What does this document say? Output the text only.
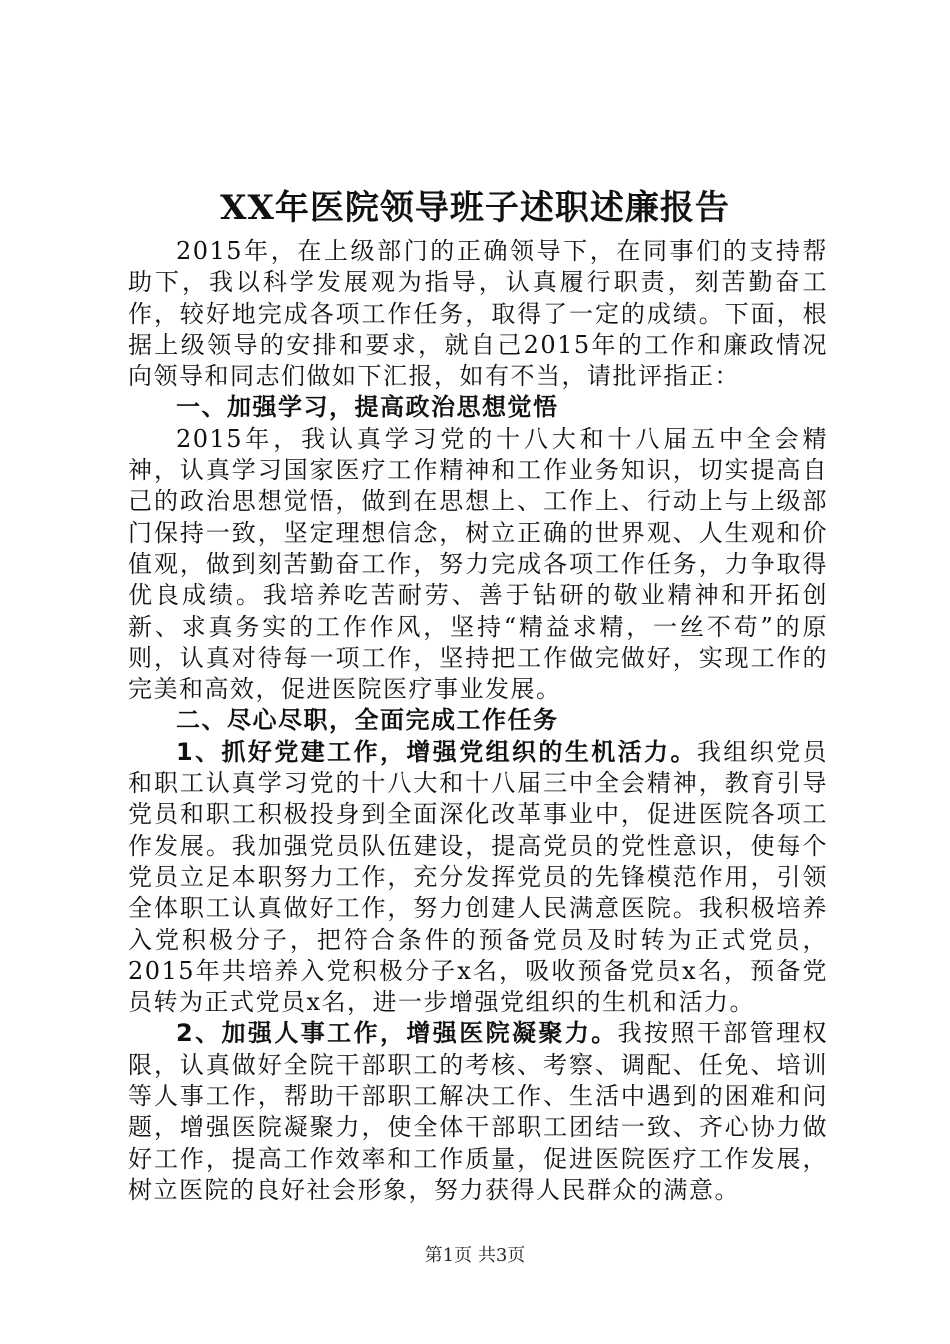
XX年医院领导班子述职述廉报告

2015年，在上级部门的正确领导下，在同事们的支持帮助下，我以科学发展观为指导，认真履行职责，刻苦勤奋工作，较好地完成各项工作任务，取得了一定的成绩。下面，根据上级领导的安排和要求，就自己2015年的工作和廉政情况向领导和同志们做如下汇报，如有不当，请批评指正：

一、加强学习，提高政治思想觉悟

2015年，我认真学习党的十八大和十八届五中全会精神，认真学习国家医疗工作精神和工作业务知识，切实提高自己的政治思想觉悟，做到在思想上、工作上、行动上与上级部门保持一致，坚定理想信念，树立正确的世界观、人生观和价值观，做到刻苦勤奋工作，努力完成各项工作任务，力争取得优良成绩。我培养吃苦耐劳、善于钻研的敬业精神和开拓创新、求真务实的工作作风，坚持“精益求精，一丝不苟”的原则，认真对待每一项工作，坚持把工作做完做好，实现工作的完美和高效，促进医院医疗事业发展。

二、尽心尽职，全面完成工作任务

1、抓好党建工作，增强党组织的生机活力。我组织党员和职工认真学习党的十八大和十八届三中全会精神，教育引导党员和职工积极投身到全面深化改革事业中，促进医院各项工作发展。我加强党员队伍建设，提高党员的党性意识，使每个党员立足本职努力工作，充分发挥党员的先锋模范作用，引领全体职工认真做好工作，努力创建人民满意医院。我积极培养入党积极分子，把符合条件的预备党员及时转为正式党员，2015年共培养入党积极分子x名，吸收预备党员x名，预备党员转为正式党员x名，进一步增强党组织的生机和活力。

2、加强人事工作，增强医院凝聚力。我按照干部管理权限，认真做好全院干部职工的考核、考察、调配、任免、培训等人事工作，帮助干部职工解决工作、生活中遇到的困难和问题，增强医院凝聚力，使全体干部职工团结一致、齐心协力做好工作，提高工作效率和工作质量，促进医院医疗工作发展，树立医院的良好社会形象，努力获得人民群众的满意。

第1页 共3页
